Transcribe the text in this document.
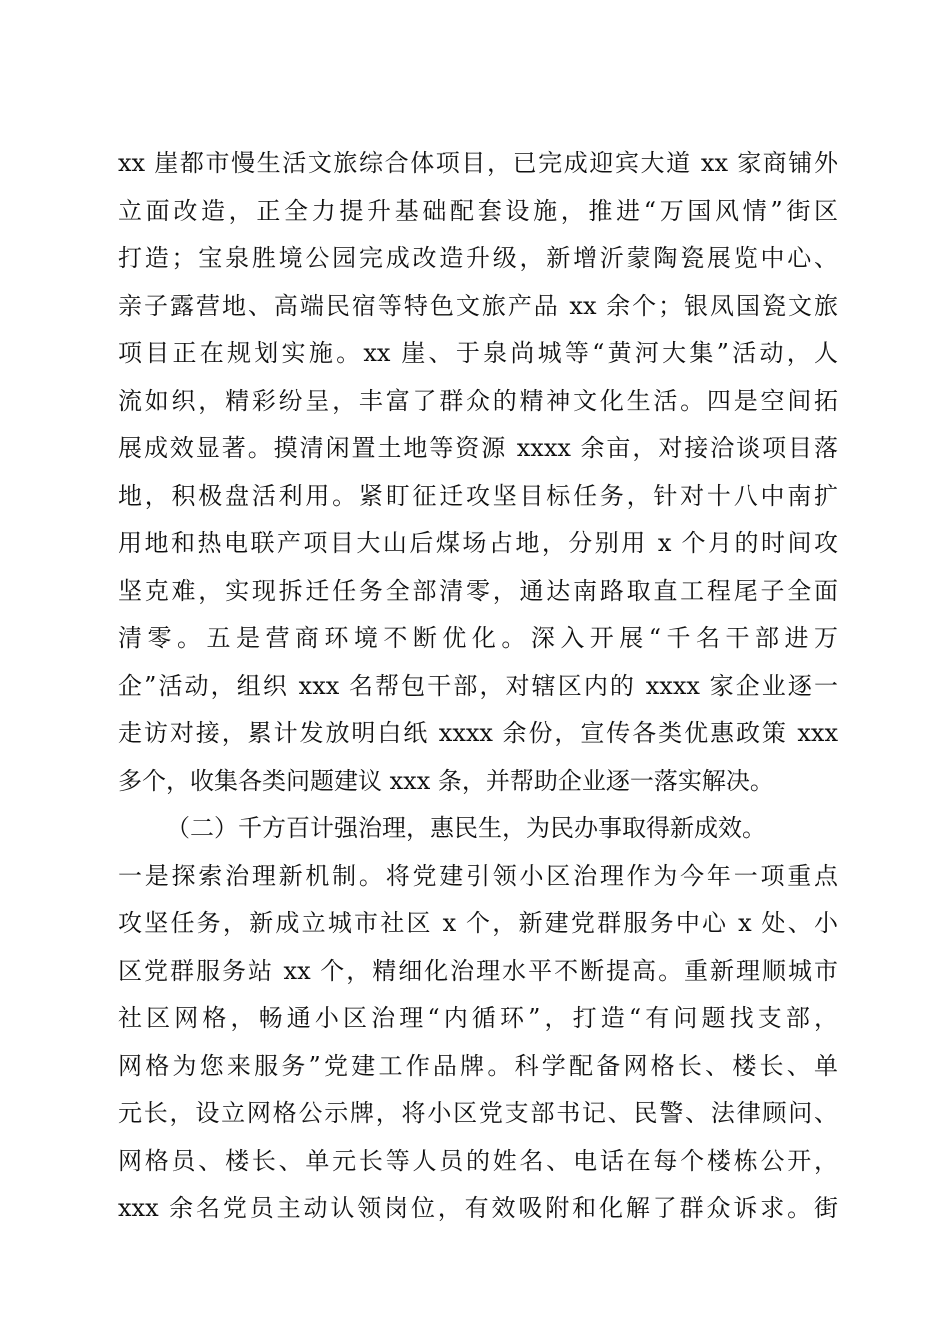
xx 崖都市慢生活文旅综合体项目，已完成迎宾大道 xx 家商铺外
立面改造，正全力提升基础配套设施，推进“万国风情”街区
打造；宝泉胜境公园完成改造升级，新增沂蒙陶瓷展览中心、
亲子露营地、高端民宿等特色文旅产品 xx 余个；银凤国瓷文旅
项目正在规划实施。xx 崖、于泉尚城等“黄河大集”活动，人
流如织，精彩纷呈，丰富了群众的精神文化生活。四是空间拓
展成效显著。摸清闲置土地等资源 xxxx 余亩，对接洽谈项目落
地，积极盘活利用。紧盯征迁攻坚目标任务，针对十八中南扩
用地和热电联产项目大山后煤场占地，分别用 x 个月的时间攻
坚克难，实现拆迁任务全部清零，通达南路取直工程尾子全面
清零。五是营商环境不断优化。深入开展“千名干部进万
企”活动，组织 xxx 名帮包干部，对辖区内的 xxxx 家企业逐一
走访对接，累计发放明白纸 xxxx 余份，宣传各类优惠政策 xxx
多个，收集各类问题建议 xxx 条，并帮助企业逐一落实解决。
（二）千方百计强治理，惠民生，为民办事取得新成效。
一是探索治理新机制。将党建引领小区治理作为今年一项重点
攻坚任务，新成立城市社区 x 个，新建党群服务中心 x 处、小
区党群服务站 xx 个，精细化治理水平不断提高。重新理顺城市
社区网格，畅通小区治理“内循环”，打造“有问题找支部，
网格为您来服务”党建工作品牌。科学配备网格长、楼长、单
元长，设立网格公示牌，将小区党支部书记、民警、法律顾问、
网格员、楼长、单元长等人员的姓名、电话在每个楼栋公开，
xxx 余名党员主动认领岗位，有效吸附和化解了群众诉求。街
